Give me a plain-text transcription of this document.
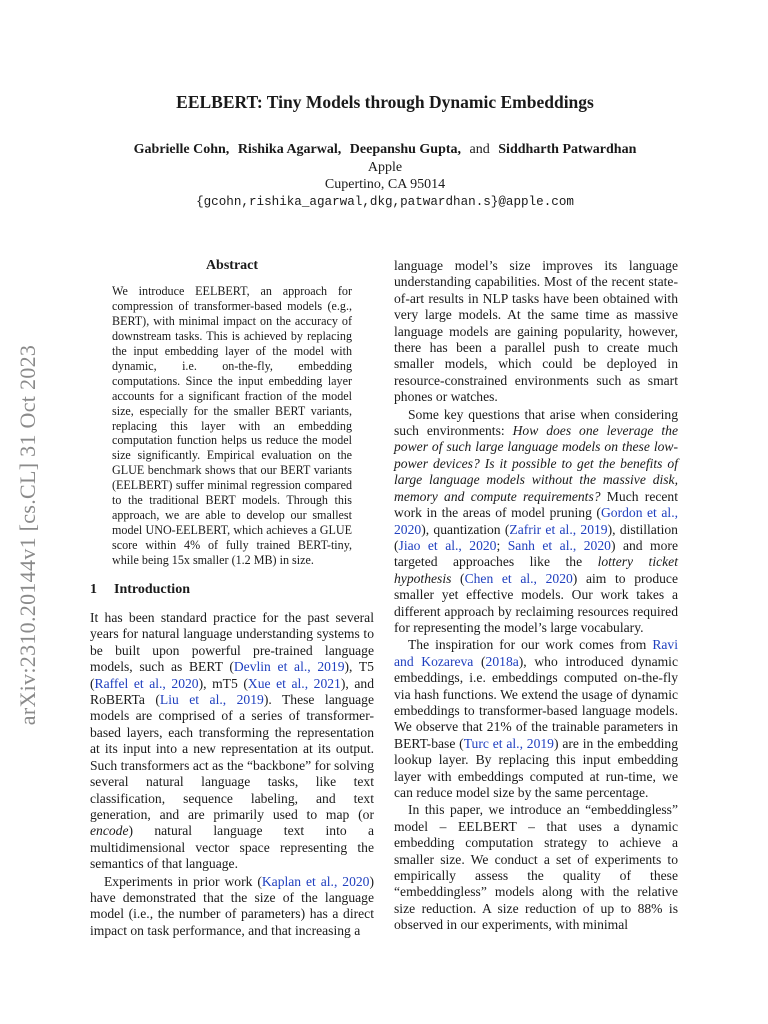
arXiv:2310.20144v1 [cs.CL] 31 Oct 2023
EELBERT: Tiny Models through Dynamic Embeddings
Gabrielle Cohn, Rishika Agarwal, Deepanshu Gupta, and Siddharth Patwardhan
Apple
Cupertino, CA 95014
{gcohn,rishika_agarwal,dkg,patwardhan.s}@apple.com
Abstract
We introduce EELBERT, an approach for compression of transformer-based models (e.g., BERT), with minimal impact on the accuracy of downstream tasks. This is achieved by replacing the input embedding layer of the model with dynamic, i.e. on-the-fly, embedding computations. Since the input embedding layer accounts for a significant fraction of the model size, especially for the smaller BERT variants, replacing this layer with an embedding computation function helps us reduce the model size significantly. Empirical evaluation on the GLUE benchmark shows that our BERT variants (EELBERT) suffer minimal regression compared to the traditional BERT models. Through this approach, we are able to develop our smallest model UNO-EELBERT, which achieves a GLUE score within 4% of fully trained BERT-tiny, while being 15x smaller (1.2 MB) in size.
1 Introduction

It has been standard practice for the past several years for natural language understanding systems to be built upon powerful pre-trained language models, such as BERT (Devlin et al., 2019), T5 (Raffel et al., 2020), mT5 (Xue et al., 2021), and RoBERTa (Liu et al., 2019). These language models are comprised of a series of transformer-based layers, each transforming the representation at its input into a new representation at its output. Such transformers act as the “backbone” for solving several natural language tasks, like text classification, sequence labeling, and text generation, and are primarily used to map (or encode) natural language text into a multidimensional vector space representing the semantics of that language.

Experiments in prior work (Kaplan et al., 2020) have demonstrated that the size of the language model (i.e., the number of parameters) has a direct impact on task performance, and that increasing a

language model’s size improves its language understanding capabilities. Most of the recent state-of-art results in NLP tasks have been obtained with very large models. At the same time as massive language models are gaining popularity, however, there has been a parallel push to create much smaller models, which could be deployed in resource-constrained environments such as smart phones or watches.

Some key questions that arise when considering such environments: How does one leverage the power of such large language models on these low-power devices? Is it possible to get the benefits of large language models without the massive disk, memory and compute requirements? Much recent work in the areas of model pruning (Gordon et al., 2020), quantization (Zafrir et al., 2019), distillation (Jiao et al., 2020; Sanh et al., 2020) and more targeted approaches like the lottery ticket hypothesis (Chen et al., 2020) aim to produce smaller yet effective models. Our work takes a different approach by reclaiming resources required for representing the model’s large vocabulary.

The inspiration for our work comes from Ravi and Kozareva (2018a), who introduced dynamic embeddings, i.e. embeddings computed on-the-fly via hash functions. We extend the usage of dynamic embeddings to transformer-based language models. We observe that 21% of the trainable parameters in BERT-base (Turc et al., 2019) are in the embedding lookup layer. By replacing this input embedding layer with embeddings computed at run-time, we can reduce model size by the same percentage.

In this paper, we introduce an “embeddingless” model – EELBERT – that uses a dynamic embedding computation strategy to achieve a smaller size. We conduct a set of experiments to empirically assess the quality of these “embeddingless” models along with the relative size reduction. A size reduction of up to 88% is observed in our experiments, with minimal
